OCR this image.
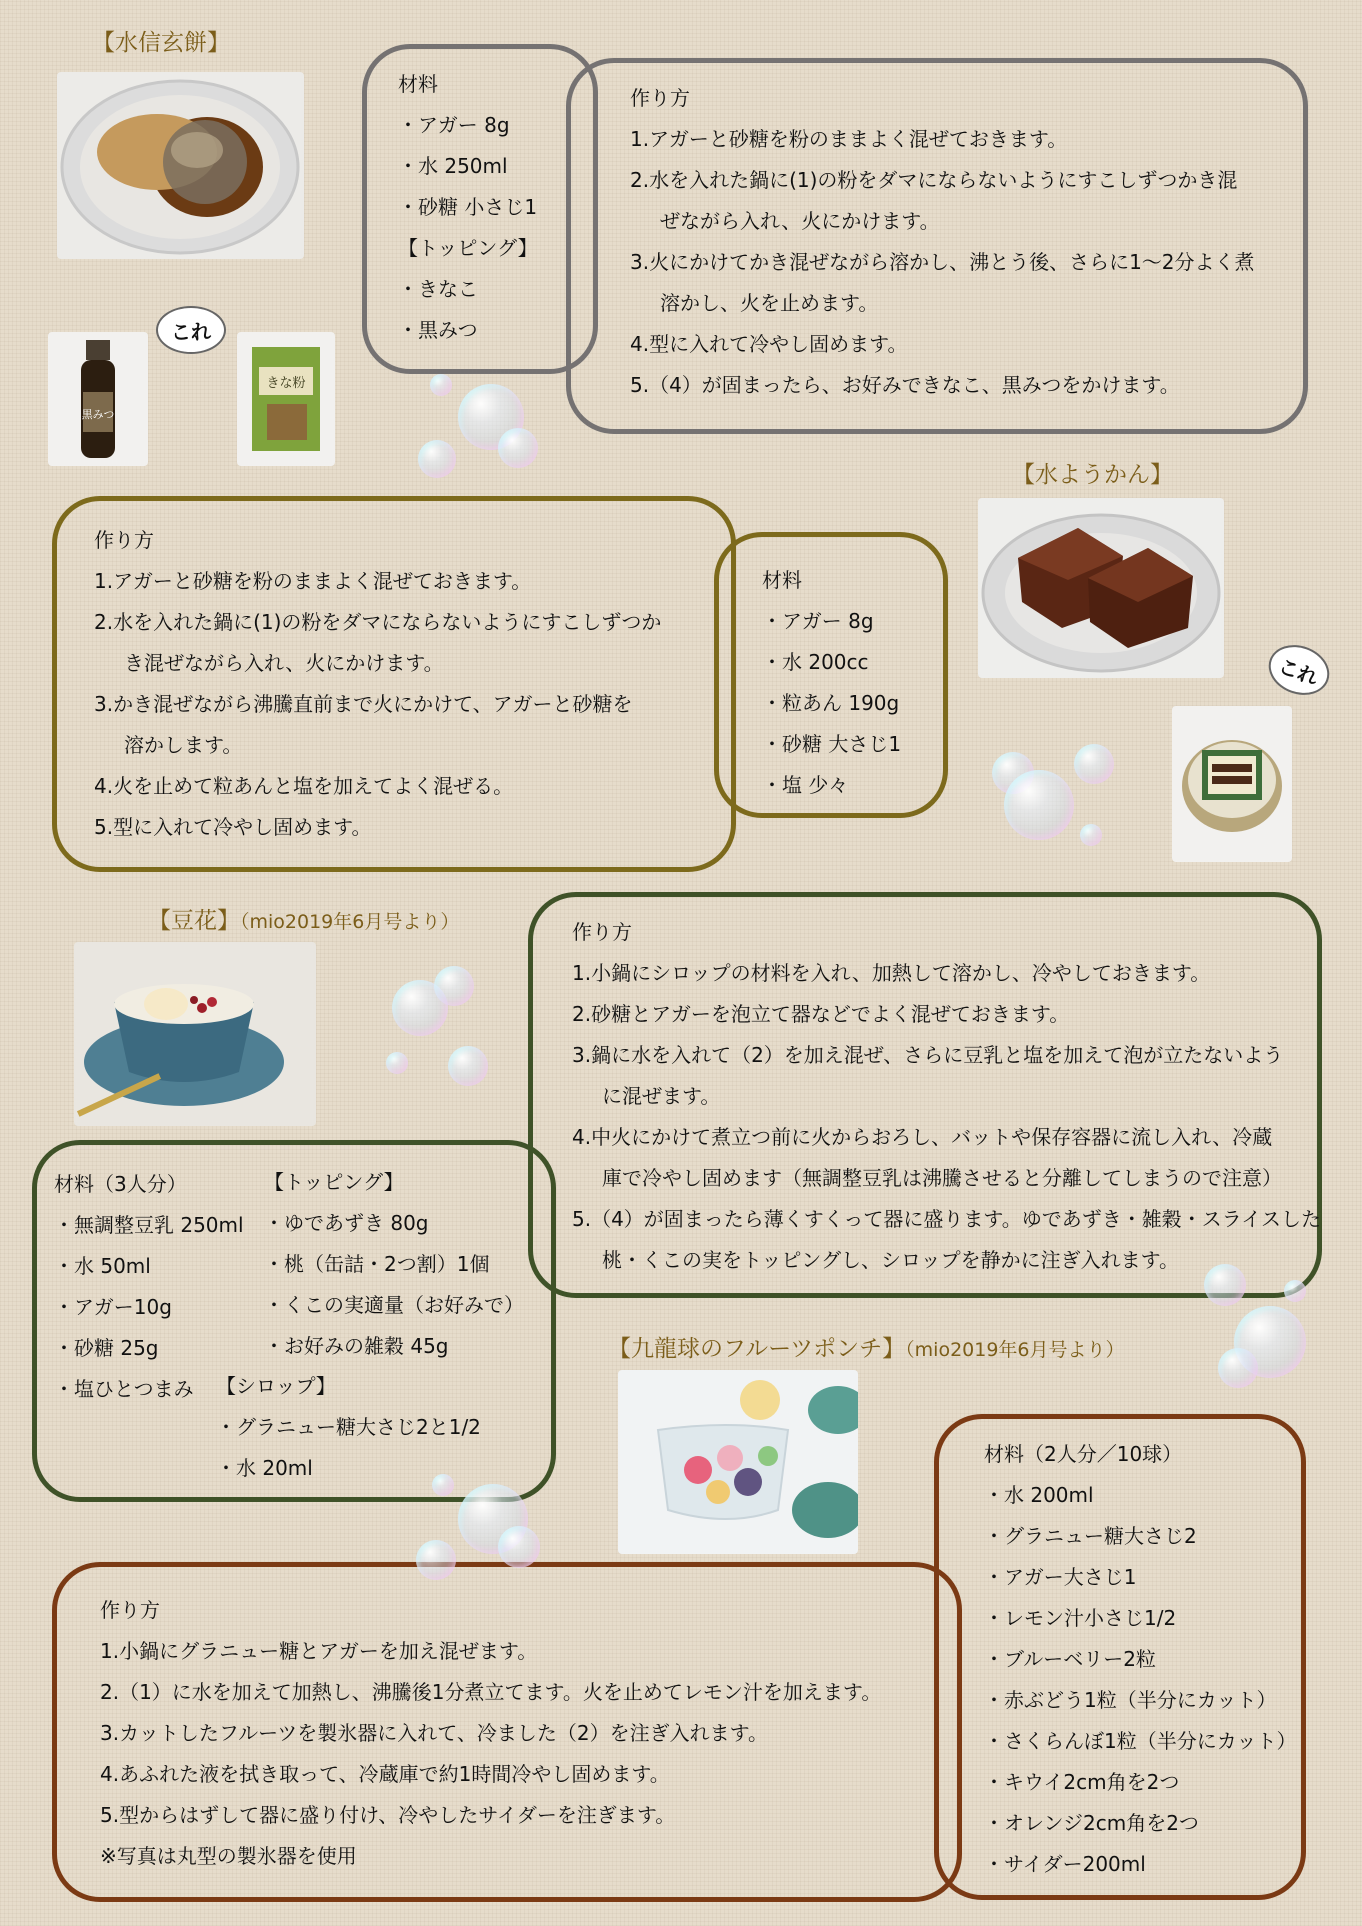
【水信玄餅】
これ
黒みつ
きな粉
材料
・アガー 8g
・水 250ml
・砂糖 小さじ1
【トッピング】
・きなこ
・黒みつ
作り方
1.アガーと砂糖を粉のままよく混ぜておきます。
2.水を入れた鍋に(1)の粉をダマにならないようにすこしずつかき混
ぜながら入れ、火にかけます。
3.火にかけてかき混ぜながら溶かし、沸とう後、さらに1～2分よく煮
溶かし、火を止めます。
4.型に入れて冷やし固めます。
5.（4）が固まったら、お好みできなこ、黒みつをかけます。
【水ようかん】
これ
作り方
1.アガーと砂糖を粉のままよく混ぜておきます。
2.水を入れた鍋に(1)の粉をダマにならないようにすこしずつか
き混ぜながら入れ、火にかけます。
3.かき混ぜながら沸騰直前まで火にかけて、アガーと砂糖を
溶かします。
4.火を止めて粒あんと塩を加えてよく混ぜる。
5.型に入れて冷やし固めます。
材料
・アガー 8g
・水 200cc
・粒あん 190g
・砂糖 大さじ1
・塩 少々
【豆花】（mio2019年6月号より）	作り方
1.小鍋にシロップの材料を入れ、加熱して溶かし、冷やしておきます。
2.砂糖とアガーを泡立て器などでよく混ぜておきます。
3.鍋に水を入れて（2）を加え混ぜ、さらに豆乳と塩を加えて泡が立たないよう
に混ぜます。
4.中火にかけて煮立つ前に火からおろし、バットや保存容器に流し入れ、冷蔵
庫で冷やし固めます（無調整豆乳は沸騰させると分離してしまうので注意）
5.（4）が固まったら薄くすくって器に盛ります。ゆであずき・雑穀・スライスした
桃・くこの実をトッピングし、シロップを静かに注ぎ入れます。
材料（3人分）
・無調整豆乳 250ml
・水 50ml
・アガー10g
・砂糖 25g
・塩ひとつまみ
【トッピング】
・ゆであずき 80g
・桃（缶詰・2つ割）1個
・くこの実適量（お好みで）
・お好みの雑穀 45g
【シロップ】
・グラニュー糖大さじ2と1/2
・水 20ml
【九龍球のフルーツポンチ】（mio2019年6月号より）
材料（2人分／10球）
・水 200ml
・グラニュー糖大さじ2
・アガー大さじ1
・レモン汁小さじ1/2
・ブルーベリー2粒
・赤ぶどう1粒（半分にカット）
・さくらんぼ1粒（半分にカット）
・キウイ2cm角を2つ
・オレンジ2cm角を2つ
・サイダー200ml
作り方
1.小鍋にグラニュー糖とアガーを加え混ぜます。
2.（1）に水を加えて加熱し、沸騰後1分煮立てます。火を止めてレモン汁を加えます。
3.カットしたフルーツを製氷器に入れて、冷ました（2）を注ぎ入れます。
4.あふれた液を拭き取って、冷蔵庫で約1時間冷やし固めます。
5.型からはずして器に盛り付け、冷やしたサイダーを注ぎます。
※写真は丸型の製氷器を使用
